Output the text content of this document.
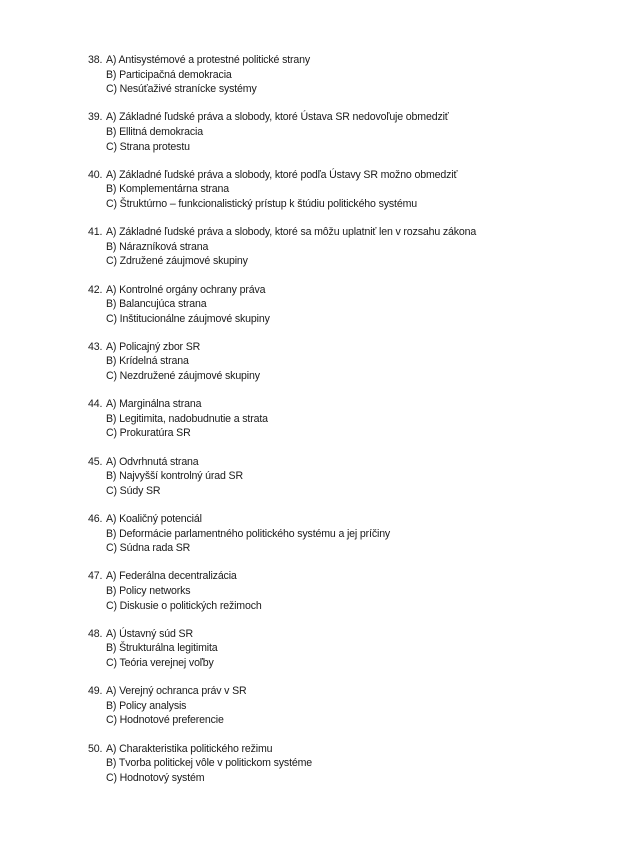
38. A) Antisystémové a protestné politické strany
B) Participačná demokracia
C) Nesúťaživé stranícke systémy
39. A) Základné ľudské práva a slobody, ktoré Ústava SR nedovoľuje obmedziť
B) Ellitná demokracia
C) Strana protestu
40. A) Základné ľudské práva a slobody, ktoré podľa Ústavy SR možno obmedziť
B) Komplementárna strana
C) Štruktúrno – funkcionalistický prístup k štúdiu politického systému
41. A) Základné ľudské práva a slobody, ktoré sa môžu uplatniť len v rozsahu zákona
B) Nárazníková strana
C) Združené záujmové skupiny
42. A) Kontrolné orgány ochrany práva
B) Balancujúca strana
C) Inštitucionálne záujmové skupiny
43. A) Policajný zbor SR
B) Krídelná strana
C) Nezdružené záujmové skupiny
44. A) Marginálna strana
B) Legitimita, nadobudnutie a strata
C) Prokuratúra SR
45. A) Odvrhnutá strana
B) Najvyšší kontrolný úrad SR
C) Súdy SR
46. A) Koaličný potenciál
B) Deformácie parlamentného politického systému a jej príčiny
C) Súdna rada SR
47. A) Federálna decentralizácia
B) Policy networks
C) Diskusie o politických režimoch
48. A) Ústavný súd SR
B) Štrukturálna legitimita
C) Teória verejnej voľby
49. A) Verejný ochranca práv v SR
B) Policy analysis
C) Hodnotové preferencie
50. A) Charakteristika politického režimu
B) Tvorba politickej vôle v politickom systéme
C) Hodnotový systém
